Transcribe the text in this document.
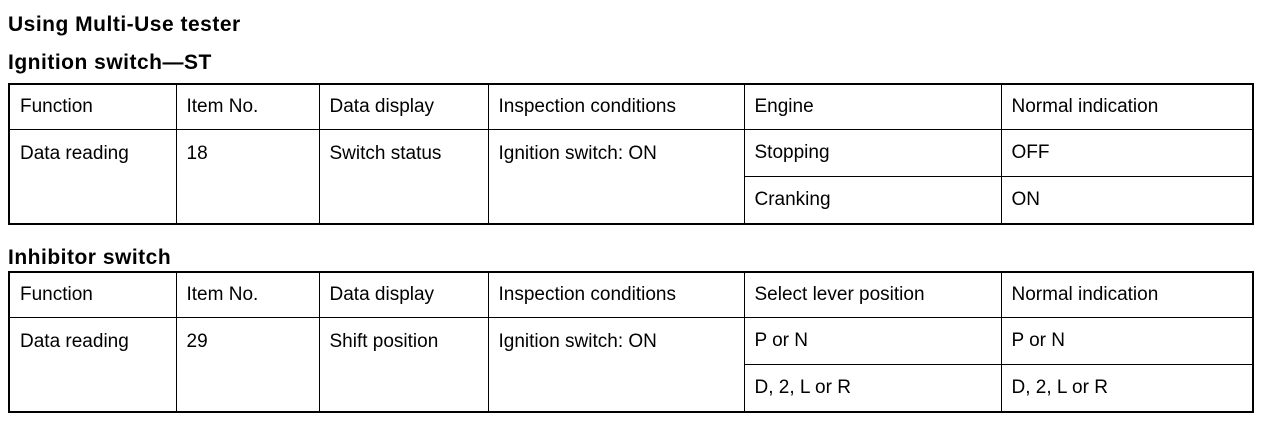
Using Multi-Use tester
Ignition switch—ST
Function	Item No.	Data display	Inspection conditions	Engine	Normal indication
Data reading	18	Switch status	Ignition switch: ON	Stopping	OFF
				Cranking	ON
Inhibitor switch
Function	Item No.	Data display	Inspection conditions	Select lever position	Normal indication
Data reading	29	Shift position	Ignition switch: ON	P or N	P or N
				D, 2, L or R	D, 2, L or R
